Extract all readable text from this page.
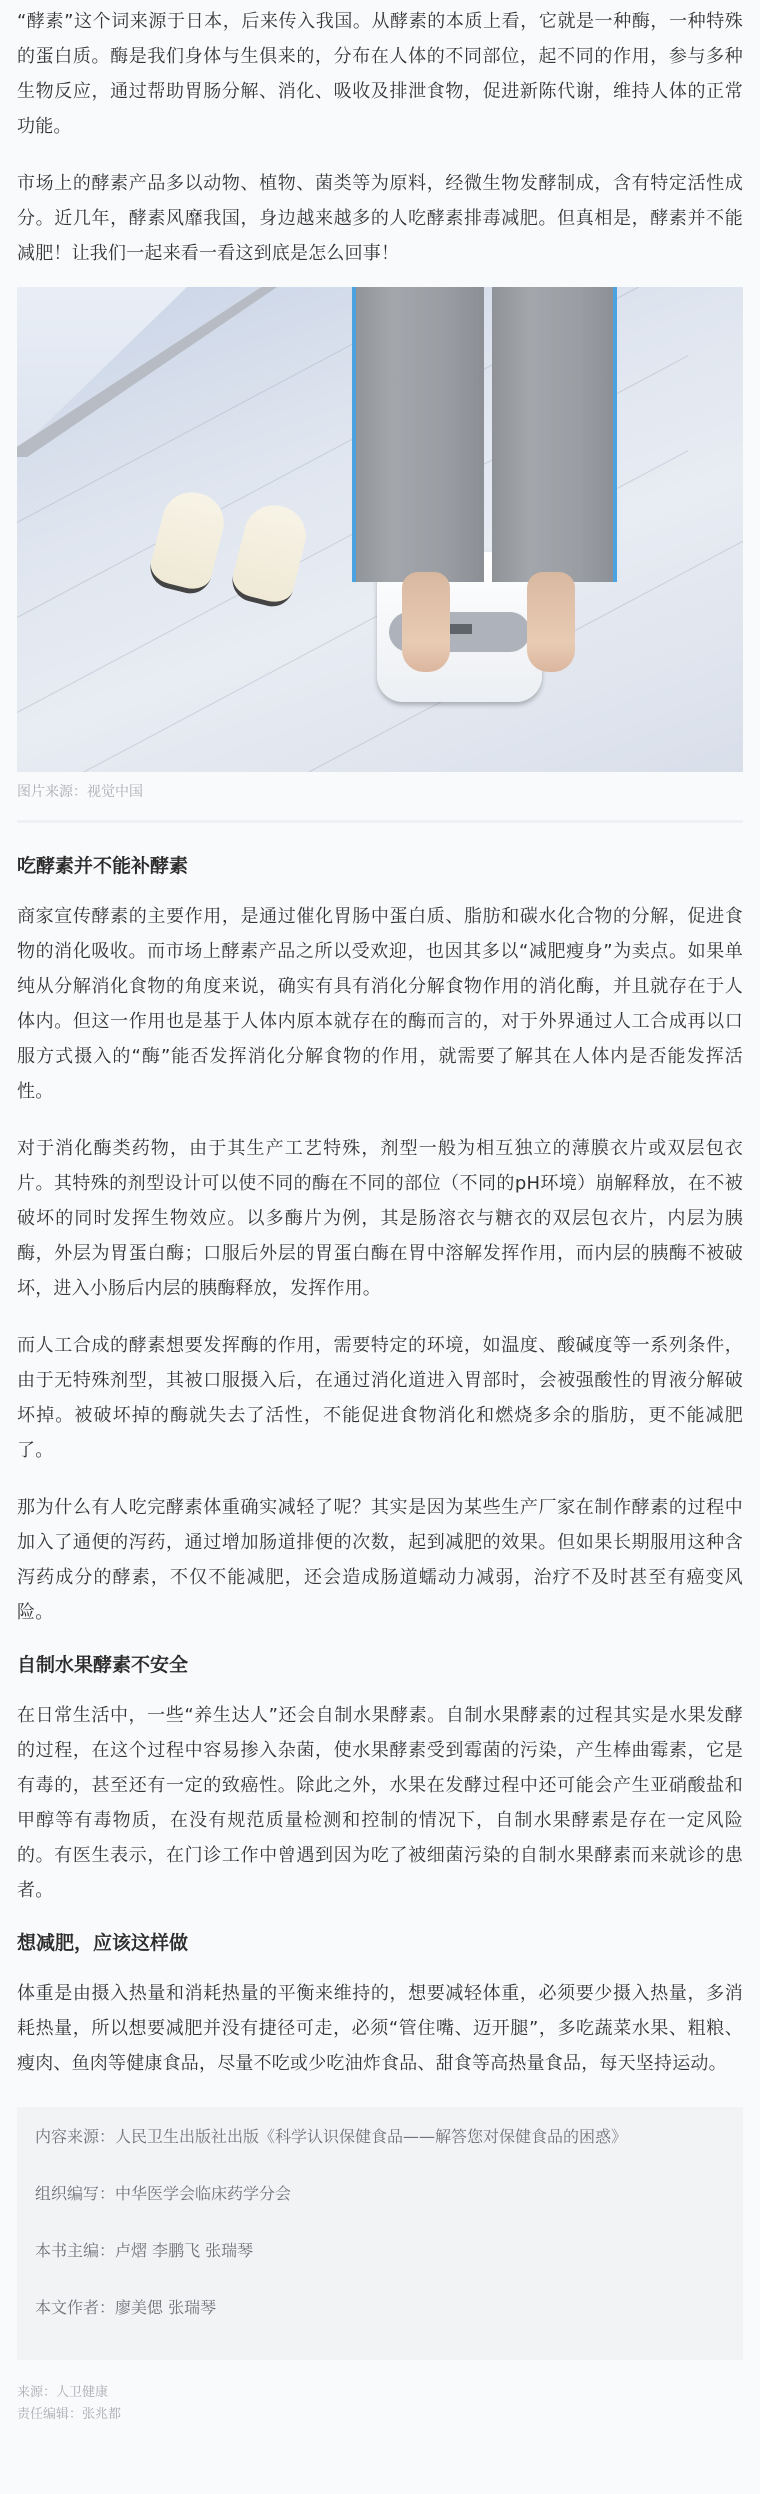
“酵素”这个词来源于日本，后来传入我国。从酵素的本质上看，它就是一种酶，一种特殊的蛋白质。酶是我们身体与生俱来的，分布在人体的不同部位，起不同的作用，参与多种生物反应，通过帮助胃肠分解、消化、吸收及排泄食物，促进新陈代谢，维持人体的正常功能。

市场上的酵素产品多以动物、植物、菌类等为原料，经微生物发酵制成，含有特定活性成分。近几年，酵素风靡我国，身边越来越多的人吃酵素排毒减肥。但真相是，酵素并不能减肥！让我们一起来看一看这到底是怎么回事！

图片来源：视觉中国

吃酵素并不能补酵素

商家宣传酵素的主要作用，是通过催化胃肠中蛋白质、脂肪和碳水化合物的分解，促进食物的消化吸收。而市场上酵素产品之所以受欢迎，也因其多以“减肥瘦身”为卖点。如果单纯从分解消化食物的角度来说，确实有具有消化分解食物作用的消化酶，并且就存在于人体内。但这一作用也是基于人体内原本就存在的酶而言的，对于外界通过人工合成再以口服方式摄入的“酶”能否发挥消化分解食物的作用，就需要了解其在人体内是否能发挥活性。

对于消化酶类药物，由于其生产工艺特殊，剂型一般为相互独立的薄膜衣片或双层包衣片。其特殊的剂型设计可以使不同的酶在不同的部位（不同的pH环境）崩解释放，在不被破坏的同时发挥生物效应。以多酶片为例，其是肠溶衣与糖衣的双层包衣片，内层为胰酶，外层为胃蛋白酶；口服后外层的胃蛋白酶在胃中溶解发挥作用，而内层的胰酶不被破坏，进入小肠后内层的胰酶释放，发挥作用。

而人工合成的酵素想要发挥酶的作用，需要特定的环境，如温度、酸碱度等一系列条件，由于无特殊剂型，其被口服摄入后，在通过消化道进入胃部时，会被强酸性的胃液分解破坏掉。被破坏掉的酶就失去了活性，不能促进食物消化和燃烧多余的脂肪，更不能减肥了。

那为什么有人吃完酵素体重确实减轻了呢？其实是因为某些生产厂家在制作酵素的过程中加入了通便的泻药，通过增加肠道排便的次数，起到减肥的效果。但如果长期服用这种含泻药成分的酵素，不仅不能减肥，还会造成肠道蠕动力减弱，治疗不及时甚至有癌变风险。

自制水果酵素不安全

在日常生活中，一些“养生达人”还会自制水果酵素。自制水果酵素的过程其实是水果发酵的过程，在这个过程中容易掺入杂菌，使水果酵素受到霉菌的污染，产生棒曲霉素，它是有毒的，甚至还有一定的致癌性。除此之外，水果在发酵过程中还可能会产生亚硝酸盐和甲醇等有毒物质，在没有规范质量检测和控制的情况下，自制水果酵素是存在一定风险的。有医生表示，在门诊工作中曾遇到因为吃了被细菌污染的自制水果酵素而来就诊的患者。

想减肥，应该这样做

体重是由摄入热量和消耗热量的平衡来维持的，想要减轻体重，必须要少摄入热量，多消耗热量，所以想要减肥并没有捷径可走，必须“管住嘴、迈开腿”，多吃蔬菜水果、粗粮、瘦肉、鱼肉等健康食品，尽量不吃或少吃油炸食品、甜食等高热量食品，每天坚持运动。

内容来源：人民卫生出版社出版《科学认识保健食品——解答您对保健食品的困惑》

组织编写：中华医学会临床药学分会

本书主编：卢熠 李鹏飞 张瑞琴

本文作者：廖美偲 张瑞琴

来源：人卫健康

责任编辑：张兆都
